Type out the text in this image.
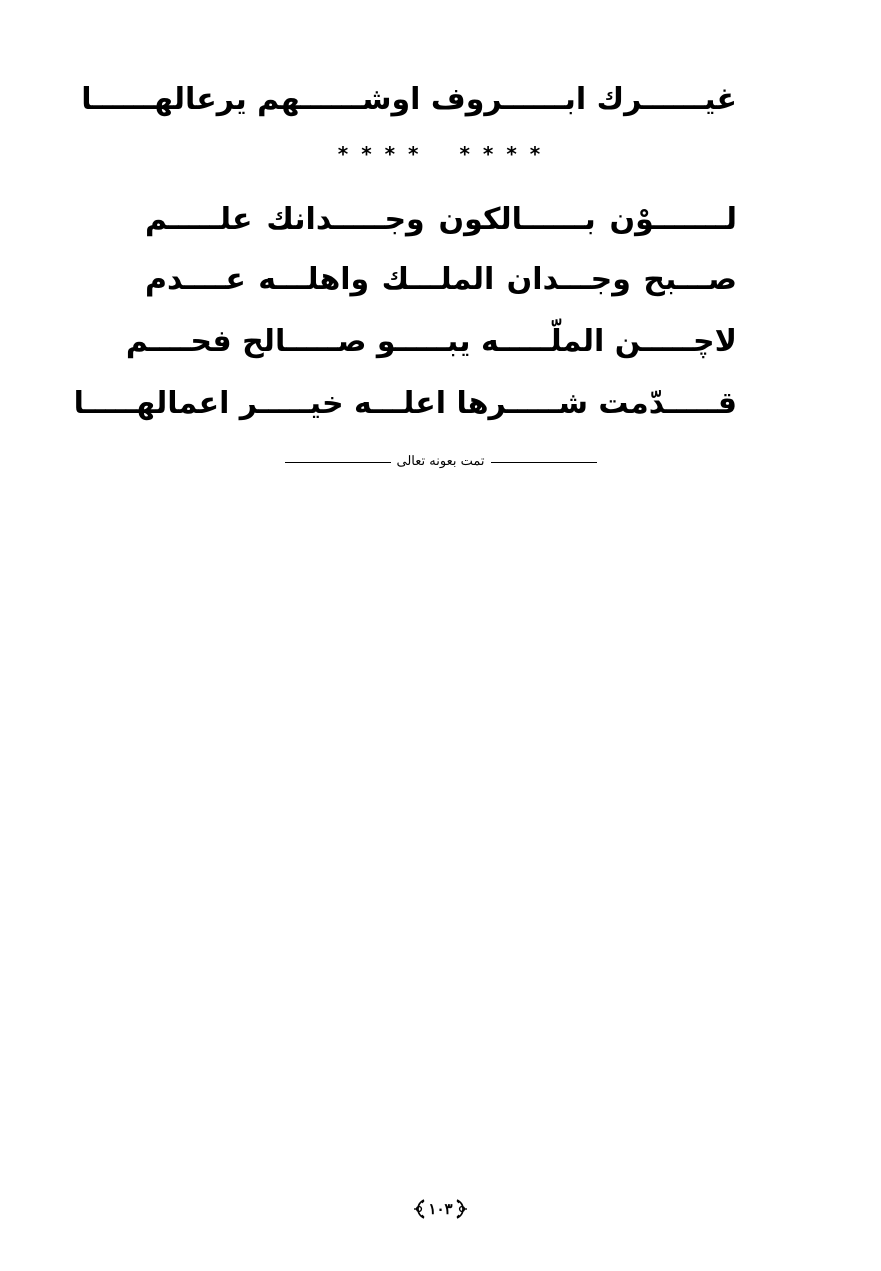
غيــــــرك ابــــــروف اوشــــــهم يرعالهــــــا
* * * * * * * *
لـــــــوْن بــــــالكون وجـــــدانك علـــــم
صـــبح وجـــدان الملـــك واهلـــه عــــدم
لاچـــــن الملّـــــه يبـــــو صـــــالح فحــــم
قـــــدّمت شـــــرها اعلـــه خيـــــر اعمالهـــــا
تمت بعونه تعالى
١٠٣
